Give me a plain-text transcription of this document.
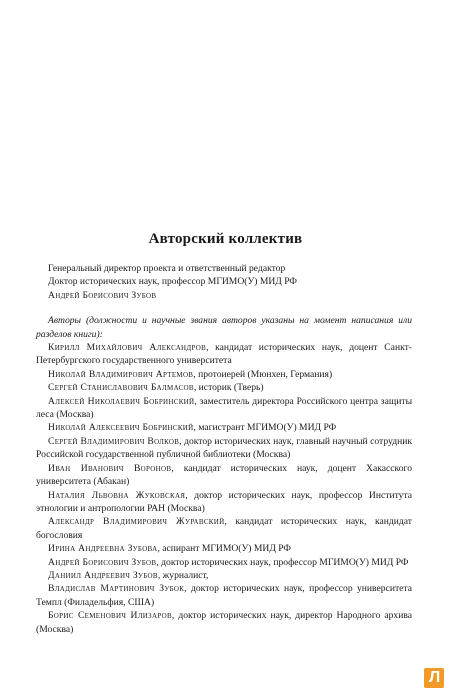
Авторский коллектив

Генеральный директор проекта и ответственный редактор

Доктор исторических наук, профессор МГИМО(У) МИД РФ

Андрей Борисович Зубов

Авторы (должности и научные звания авторов указаны на момент написания или разделов книги):

Кирилл Михайлович Александров, кандидат исторических наук, доцент Санкт-Петербургского государственного университета

Николай Владимирович Артемов, протоиерей (Мюнхен, Германия)

Сергей Станиславович Балмасов, историк (Тверь)

Алексей Николаевич Бобринский, заместитель директора Российского центра защиты леса (Москва)

Николай Алексеевич Бобринский, магистрант МГИМО(У) МИД РФ

Сергей Владимирович Волков, доктор исторических наук, главный научный сотрудник Российской государственной публичной библиотеки (Москва)

Иван Иванович Воронов, кандидат исторических наук, доцент Хакасского университета (Абакан)

Наталия Львовна Жуковская, доктор исторических наук, профессор Института этнологии и антропологии РАН (Москва)

Александр Владимирович Журавский, кандидат исторических наук, кандидат богословия

Ирина Андреевна Зубова, аспирант МГИМО(У) МИД РФ

Андрей Борисович Зубов, доктор исторических наук, профессор МГИМО(У) МИД РФ

Даниил Андреевич Зубов, журналист,

Владислав Мартинович Зубок, доктор исторических наук, профессор университета Темпл (Филадельфия, США)

Борис Семенович Илизаров, доктор исторических наук, директор Народного архива (Москва)

Л
